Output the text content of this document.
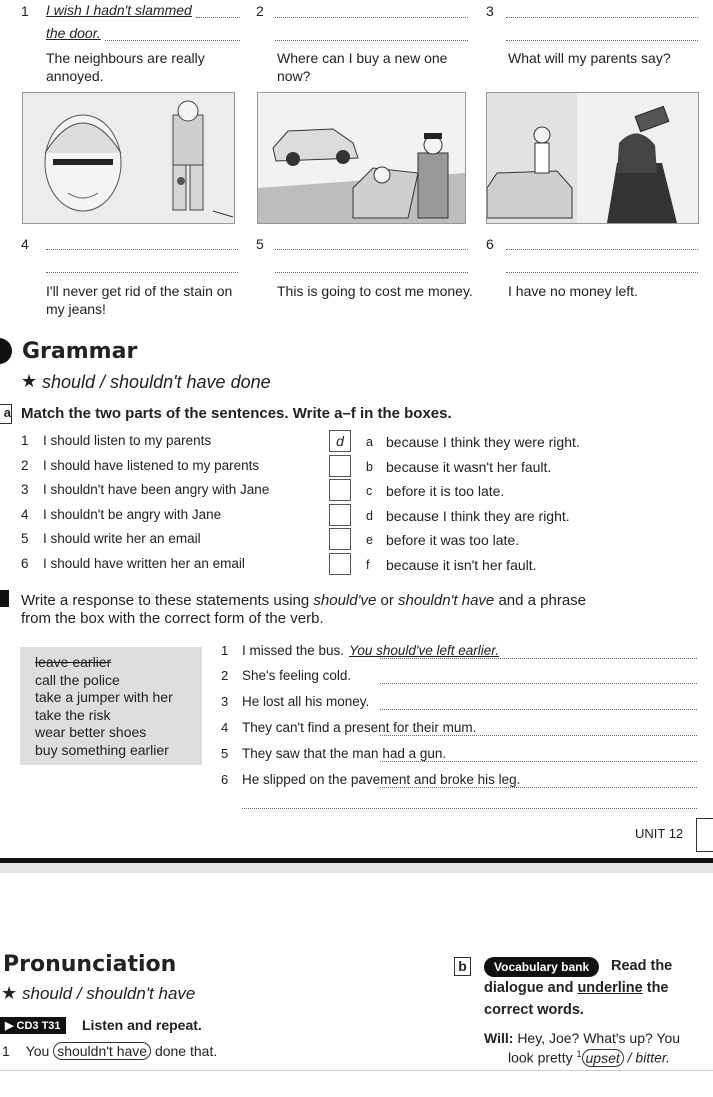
1 I wish I hadn't slammed
the door.
2	3
The neighbours are really annoyed.
Where can I buy a new one now?
What will my parents say?
4	5	6
I'll never get rid of the stain on my jeans!
This is going to cost me money.	I have no money left.
Grammar
★ should / shouldn't have done
a Match the two parts of the sentences. Write a–f in the boxes.
1 I should listen to my parents	d	a because I think they were right.
2 I should have listened to my parents	b because it wasn't her fault.
3 I shouldn't have been angry with Jane	c before it is too late.
4 I shouldn't be angry with Jane	d because I think they are right.
5 I should write her an email	e before it was too late.
6 I should have written her an email	f because it isn't her fault.
Write a response to these statements using should've or shouldn't have and a phrase
from the box with the correct form of the verb.
leave earlier
call the police
take a jumper with her
take the risk
wear better shoes
buy something earlier
1 I missed the bus. You should've left earlier.
2 She's feeling cold.
3 He lost all his money.
4 They can't find a present for their mum.
5 They saw that the man had a gun.
6 He slipped on the pavement and broke his leg.
UNIT 12
Pronunciation
★ should / shouldn't have
▶ CD3 T31	Listen and repeat.
1 You shouldn't have done that.
b	Vocabulary bank	Read the
dialogue and underline the
correct words.
Will: Hey, Joe? What's up? You
look pretty $^1$ upset / bitter.
